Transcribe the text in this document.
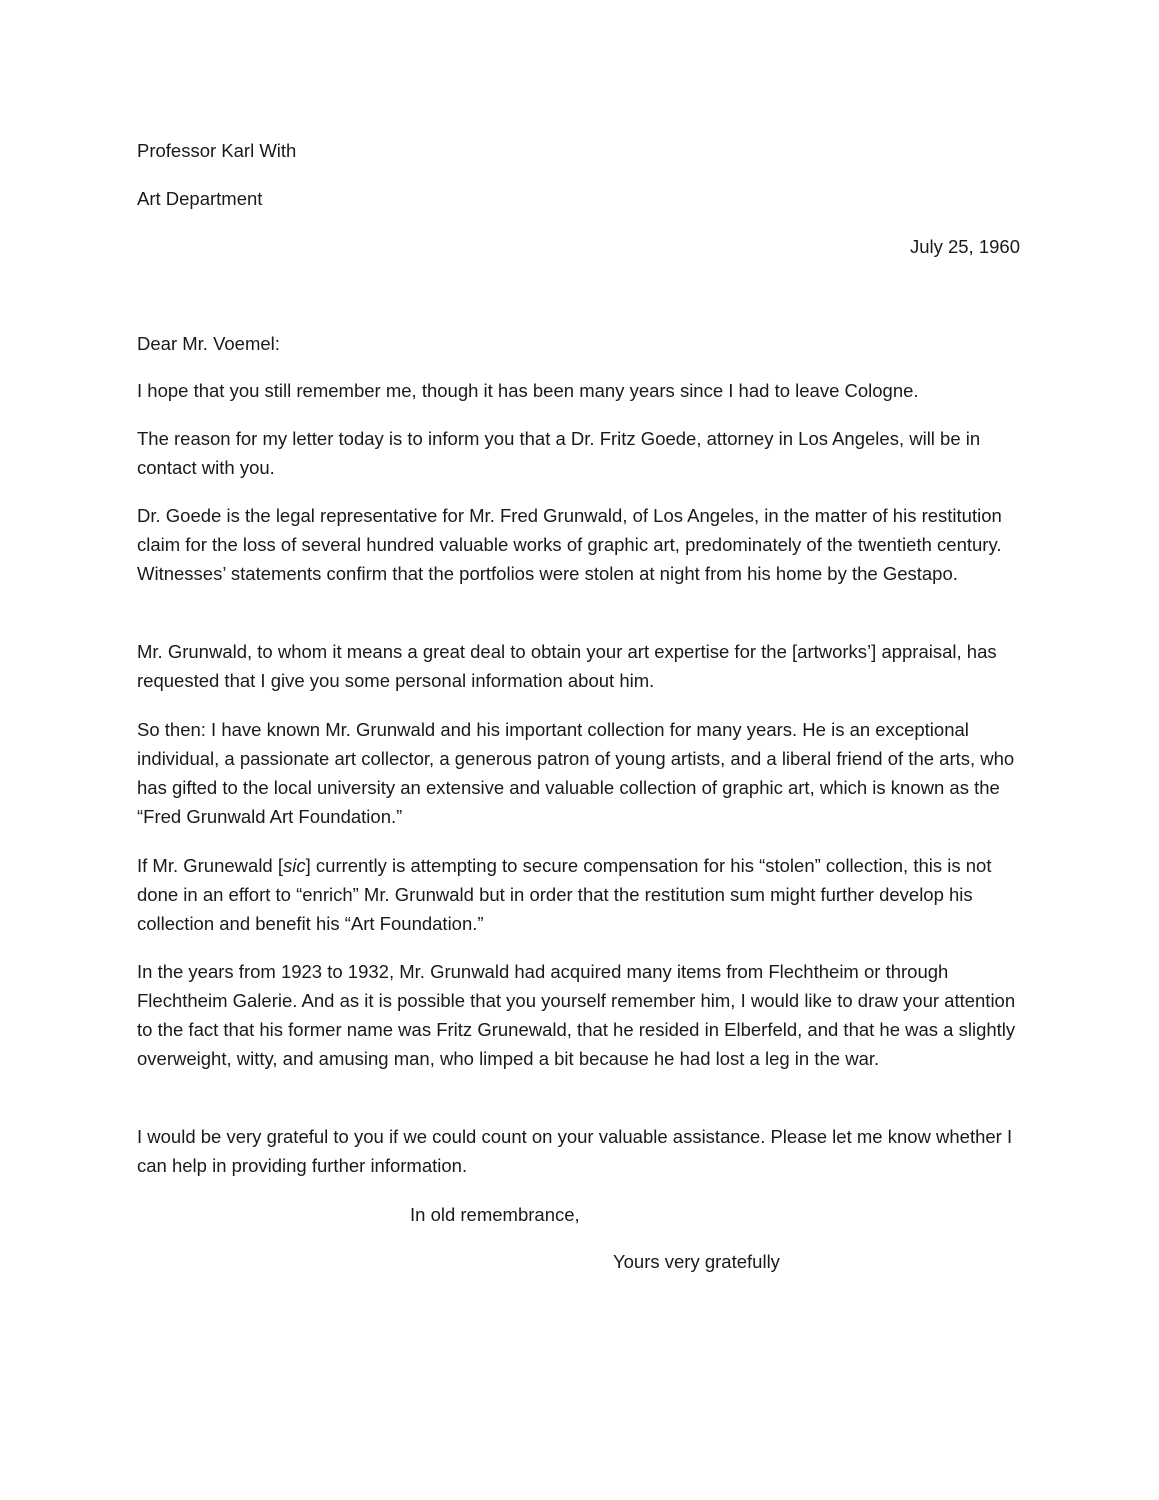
Professor Karl With
Art Department
July 25, 1960
Dear Mr. Voemel:

I hope that you still remember me, though it has been many years since I had to leave Cologne.

The reason for my letter today is to inform you that a Dr. Fritz Goede, attorney in Los Angeles, will be in contact with you.

Dr. Goede is the legal representative for Mr. Fred Grunwald, of Los Angeles, in the matter of his restitution claim for the loss of several hundred valuable works of graphic art, predominately of the twentieth century. Witnesses’ statements confirm that the portfolios were stolen at night from his home by the Gestapo.

Mr. Grunwald, to whom it means a great deal to obtain your art expertise for the [artworks’] appraisal, has requested that I give you some personal information about him.

So then: I have known Mr. Grunwald and his important collection for many years. He is an exceptional individual, a passionate art collector, a generous patron of young artists, and a liberal friend of the arts, who has gifted to the local university an extensive and valuable collection of graphic art, which is known as the “Fred Grunwald Art Foundation.”

If Mr. Grunewald [sic] currently is attempting to secure compensation for his “stolen” collection, this is not done in an effort to “enrich” Mr. Grunwald but in order that the restitution sum might further develop his collection and benefit his “Art Foundation.”

In the years from 1923 to 1932, Mr. Grunwald had acquired many items from Flechtheim or through Flechtheim Galerie. And as it is possible that you yourself remember him, I would like to draw your attention to the fact that his former name was Fritz Grunewald, that he resided in Elberfeld, and that he was a slightly overweight, witty, and amusing man, who limped a bit because he had lost a leg in the war.

I would be very grateful to you if we could count on your valuable assistance. Please let me know whether I can help in providing further information.

In old remembrance,
Yours very gratefully
